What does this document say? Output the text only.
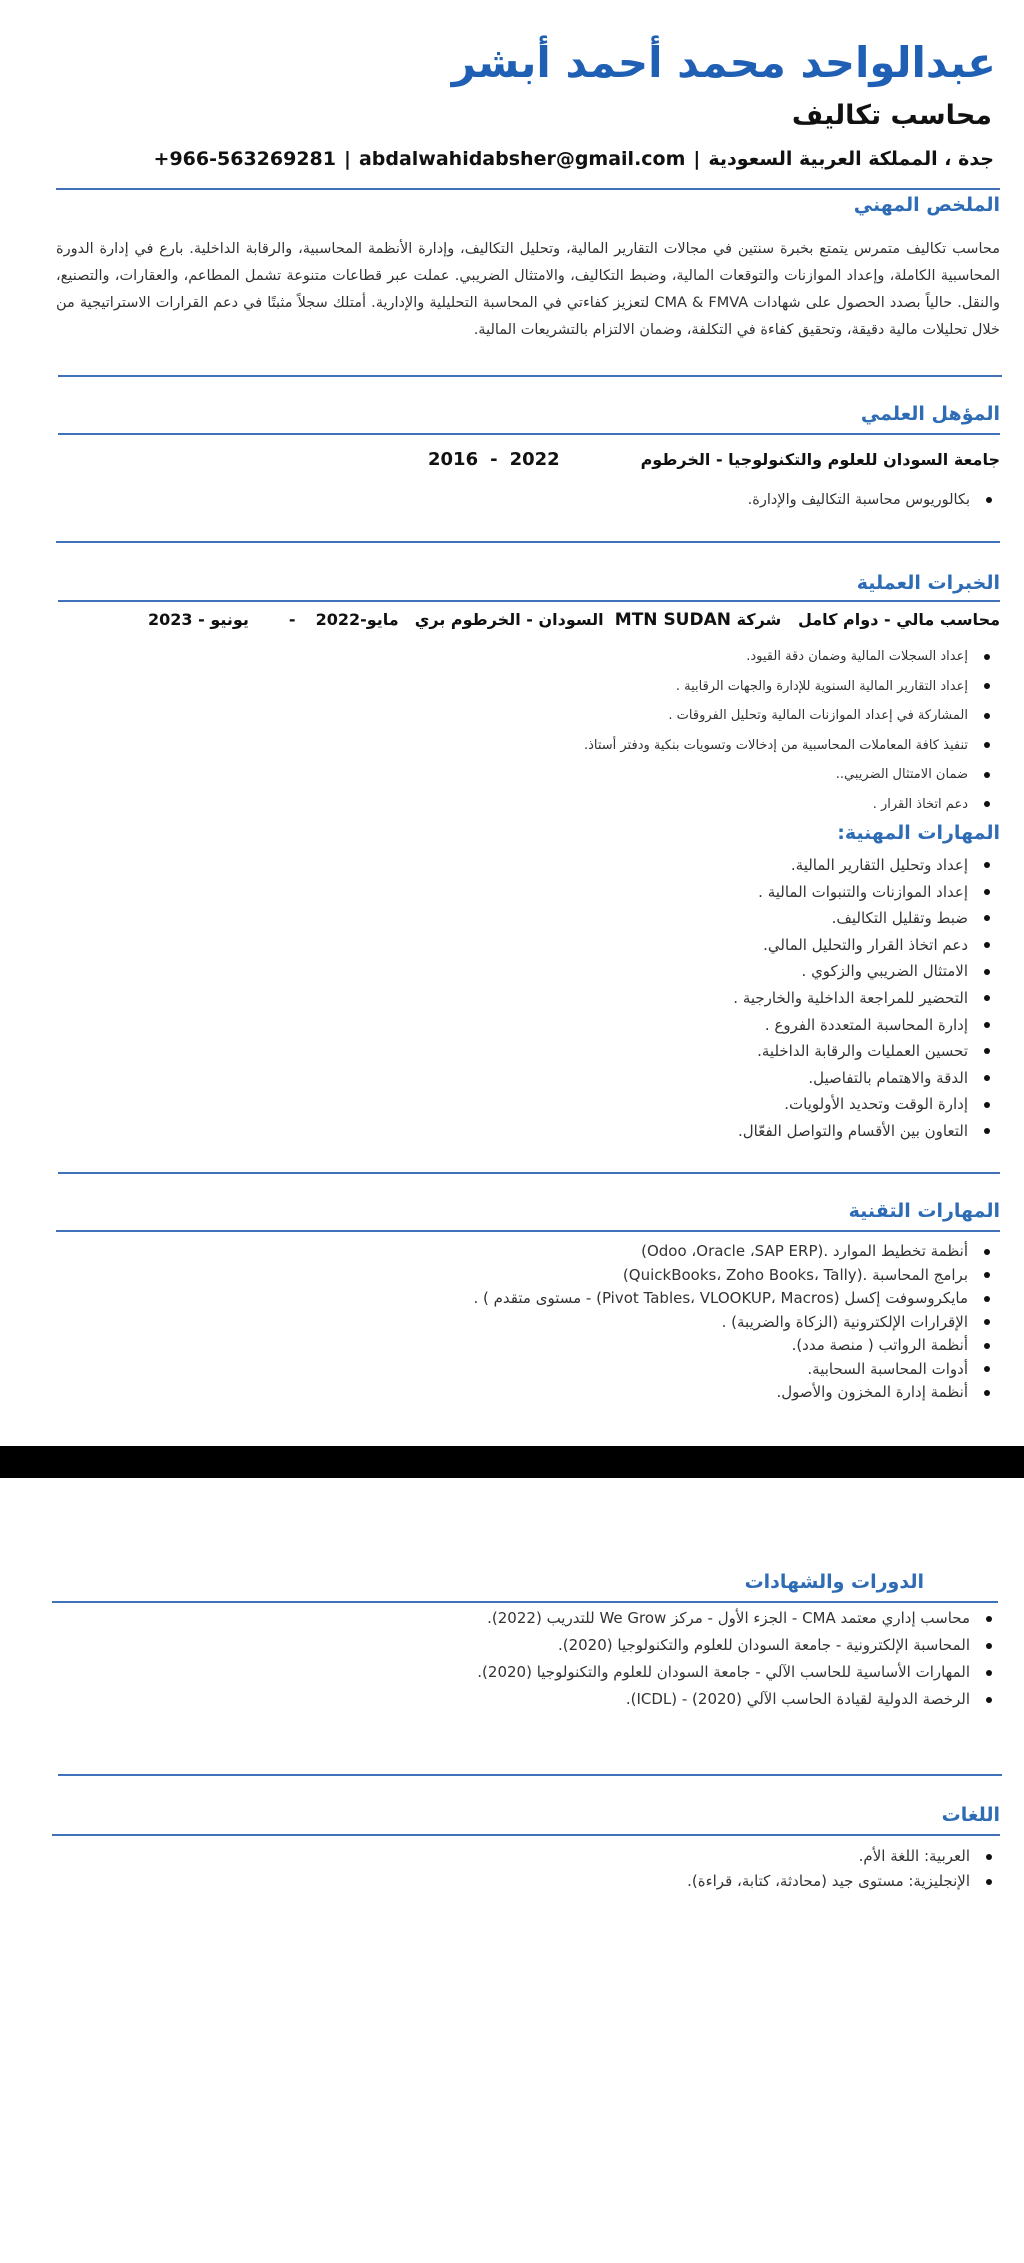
عبدالواحد محمد أحمد أبشر
محاسب تكاليف
جدة ، المملكة العربية السعودية|+966-563269281 | abdalwahidabsher@gmail.com
الملخص المهني

محاسب تكاليف متمرس يتمتع بخبرة سنتين في مجالات التقارير المالية، وتحليل التكاليف، وإدارة الأنظمة المحاسبية، والرقابة الداخلية. بارع في إدارة الدورة المحاسبية الكاملة، وإعداد الموازنات والتوقعات المالية، وضبط التكاليف، والامتثال الضريبي. عملت عبر قطاعات متنوعة تشمل المطاعم، والعقارات، والتصنيع، والنقل. حالياً بصدد الحصول على شهادات CMA & FMVA لتعزيز كفاءتي في المحاسبة التحليلية والإدارية. أمتلك سجلاً مثبتًا في دعم القرارات الاستراتيجية من خلال تحليلات مالية دقيقة، وتحقيق كفاءة في التكلفة، وضمان الالتزام بالتشريعات المالية.

المؤهل العلمي
جامعة السودان للعلوم والتكنولوجيا - الخرطوم
2016 - 2022
بكالوريوس محاسبة التكاليف والإدارة.
الخبرات العملية
محاسب مالي - دوام كامل   شركة MTN SUDAN  السودان - الخرطوم بري
مايو-2022-يونيو - 2023
إعداد السجلات المالية وضمان دقة القيود.
إعداد التقارير المالية السنوية للإدارة والجهات الرقابية .
المشاركة في إعداد الموازنات المالية وتحليل الفروقات .
تنفيذ كافة المعاملات المحاسبية من إدخالات وتسويات بنكية ودفتر أستاذ.
ضمان الامتثال الضريبي..
دعم اتخاذ القرار .
المهارات المهنية:
إعداد وتحليل التقارير المالية.
إعداد الموازنات والتنبوات المالية .
ضبط وتقليل التكاليف.
دعم اتخاذ القرار والتحليل المالي.
الامتثال الضريبي والزكوي .
التحضير للمراجعة الداخلية والخارجية .
إدارة المحاسبة المتعددة الفروع .
تحسين العمليات والرقابة الداخلية.
الدقة والاهتمام بالتفاصيل.
إدارة الوقت وتحديد الأولويات.
التعاون بين الأقسام والتواصل الفعّال.
المهارات التقنية
أنظمة تخطيط الموارد (Odoo ،Oracle ،SAP ERP).
برامج المحاسبة (QuickBooks، Zoho Books، Tally).
مايكروسوفت إكسل (Pivot Tables، VLOOKUP، Macros) - مستوى متقدم ) .
الإقرارات الإلكترونية (الزكاة والضريبة) .
أنظمة الرواتب ( منصة مدد).
أدوات المحاسبة السحابية.
أنظمة إدارة المخزون والأصول.
الدورات والشهادات
محاسب إداري معتمد CMA - الجزء الأول - مركز We Grow للتدريب (2022).
المحاسبة الإلكترونية - جامعة السودان للعلوم والتكنولوجيا (2020).
المهارات الأساسية للحاسب الآلي - جامعة السودان للعلوم والتكنولوجيا (2020).
الرخصة الدولية لقيادة الحاسب الآلي (2020) - (ICDL).
اللغات
العربية: اللغة الأم.
الإنجليزية: مستوى جيد (محادثة، كتابة، قراءة).
